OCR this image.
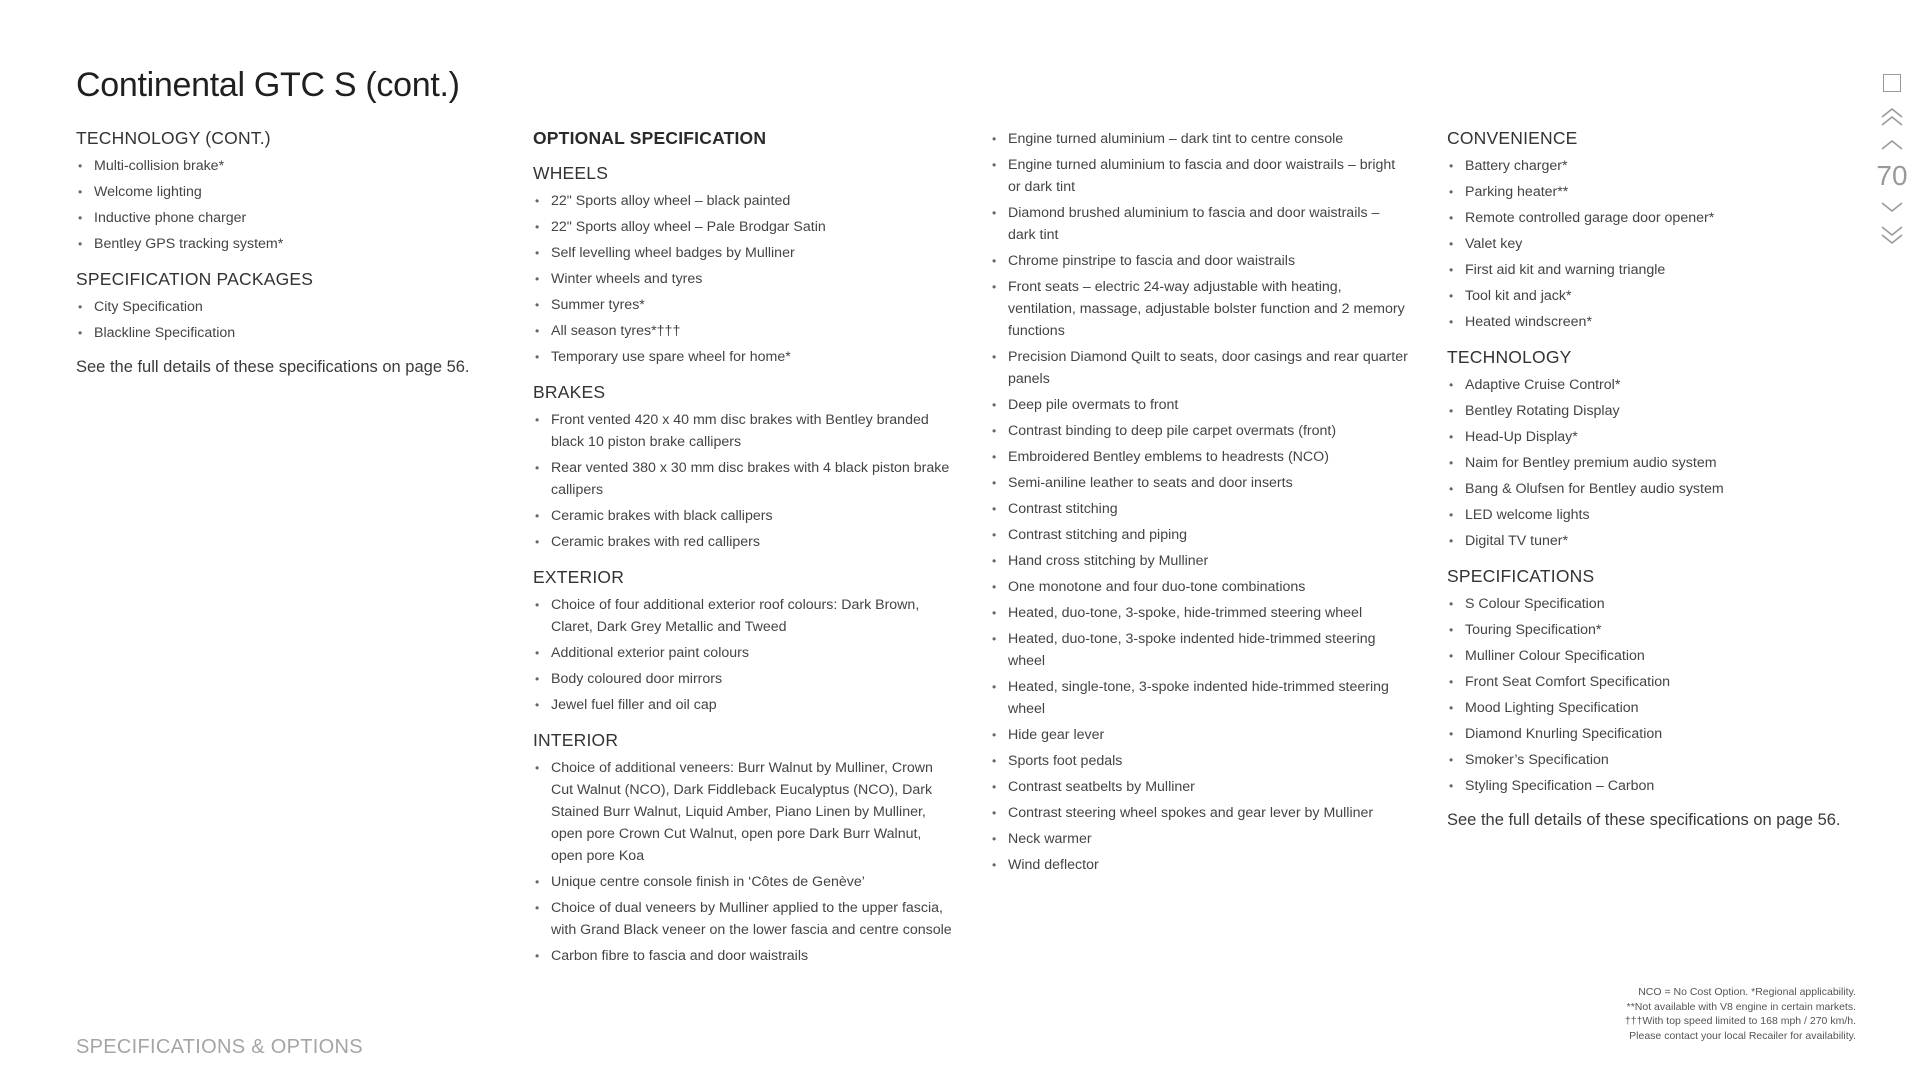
Continental GTC S (cont.)
TECHNOLOGY (CONT.)
• Multi-collision brake*
• Welcome lighting
• Inductive phone charger
• Bentley GPS tracking system*
SPECIFICATION PACKAGES
• City Specification
• Blackline Specification

See the full details of these specifications on page 56.

OPTIONAL SPECIFICATION
WHEELS
• 22" Sports alloy wheel – black painted
• 22" Sports alloy wheel – Pale Brodgar Satin
• Self levelling wheel badges by Mulliner
• Winter wheels and tyres
• Summer tyres*
• All season tyres*†††
• Temporary use spare wheel for home*
BRAKES
• Front vented 420 x 40 mm disc brakes with Bentley branded black 10 piston brake callipers
• Rear vented 380 x 30 mm disc brakes with 4 black piston brake callipers
• Ceramic brakes with black callipers
• Ceramic brakes with red callipers
EXTERIOR
• Choice of four additional exterior roof colours: Dark Brown, Claret, Dark Grey Metallic and Tweed
• Additional exterior paint colours
• Body coloured door mirrors
• Jewel fuel filler and oil cap
INTERIOR
• Choice of additional veneers: Burr Walnut by Mulliner, Crown Cut Walnut (NCO), Dark Fiddleback Eucalyptus (NCO), Dark Stained Burr Walnut, Liquid Amber, Piano Linen by Mulliner, open pore Crown Cut Walnut, open pore Dark Burr Walnut, open pore Koa
• Unique centre console finish in ‘Côtes de Genève’
• Choice of dual veneers by Mulliner applied to the upper fascia, with Grand Black veneer on the lower fascia and centre console
• Carbon fibre to fascia and door waistrails
• Engine turned aluminium – dark tint to centre console
• Engine turned aluminium to fascia and door waistrails – bright or dark tint
• Diamond brushed aluminium to fascia and door waistrails – dark tint
• Chrome pinstripe to fascia and door waistrails
• Front seats – electric 24-way adjustable with heating, ventilation, massage, adjustable bolster function and 2 memory functions
• Precision Diamond Quilt to seats, door casings and rear quarter panels
• Deep pile overmats to front
• Contrast binding to deep pile carpet overmats (front)
• Embroidered Bentley emblems to headrests (NCO)
• Semi-aniline leather to seats and door inserts
• Contrast stitching
• Contrast stitching and piping
• Hand cross stitching by Mulliner
• One monotone and four duo-tone combinations
• Heated, duo-tone, 3-spoke, hide-trimmed steering wheel
• Heated, duo-tone, 3-spoke indented hide-trimmed steering wheel
• Heated, single-tone, 3-spoke indented hide-trimmed steering wheel
• Hide gear lever
• Sports foot pedals
• Contrast seatbelts by Mulliner
• Contrast steering wheel spokes and gear lever by Mulliner
• Neck warmer
• Wind deflector
CONVENIENCE
• Battery charger*
• Parking heater**
• Remote controlled garage door opener*
• Valet key
• First aid kit and warning triangle
• Tool kit and jack*
• Heated windscreen*
TECHNOLOGY
• Adaptive Cruise Control*
• Bentley Rotating Display
• Head-Up Display*
• Naim for Bentley premium audio system
• Bang & Olufsen for Bentley audio system
• LED welcome lights
• Digital TV tuner*
SPECIFICATIONS
• S Colour Specification
• Touring Specification*
• Mulliner Colour Specification
• Front Seat Comfort Specification
• Mood Lighting Specification
• Diamond Knurling Specification
• Smoker’s Specification
• Styling Specification – Carbon

See the full details of these specifications on page 56.

70
SPECIFICATIONS & OPTIONS
NCO = No Cost Option. *Regional applicability.
**Not available with V8 engine in certain markets.
†††With top speed limited to 168 mph / 270 km/h.
Please contact your local Recailer for availability.
